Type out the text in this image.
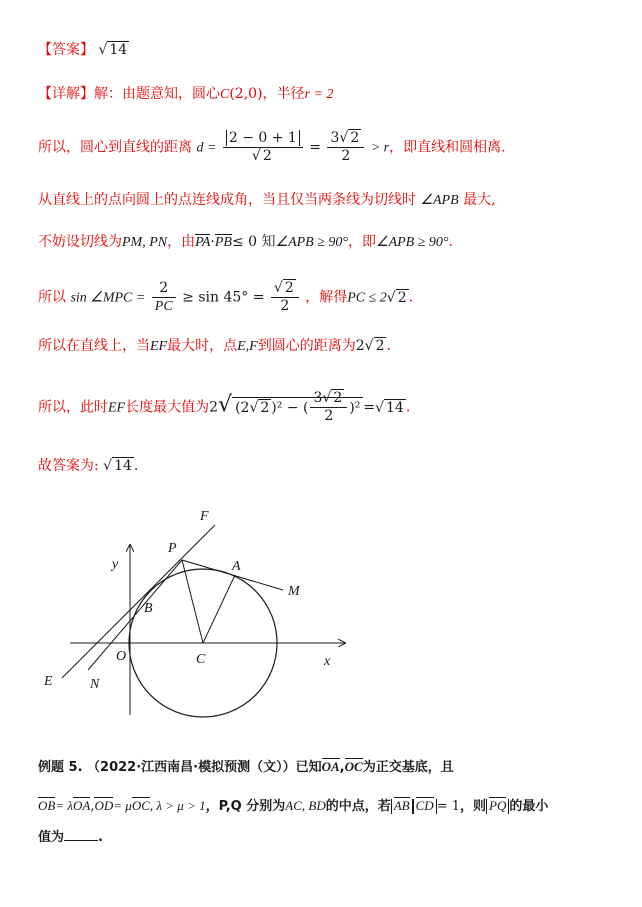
【答案】 √ 14
【详解】解：由题意知，圆心C(2,0)，半径r = 2
所以，圆心到直线的距离 $d = \frac{2 - 0 + 1}{√ 2} = \frac{3√ 2}{2} > r$，即直线和圆相离.
从直线上的点向圆上的点连线成角，当且仅当两条线为切线时 ∠APB 最大,
不妨设切线为PM, PN，由PA·PB≤ 0 知∠APB ≥ 90°，即∠APB ≥ 90°.
所以 sin ∠MPC = $\frac{2}{PC} \ge \sin 45^\circ = \frac{√ 2}{2}$ ，解得PC ≤ 2√ 2 .
所以在直线上，当EF最大时，点E,F到圆心的距离为2√ 2 .
所以，此时EF长度最大值为2√ (2√ 2 )² − ( $\frac{3√ 2}{2} )^2$ =√ 14 .
故答案为: √ 14 .
F
P
A
y
M
B
O	C	x
E	N
例题 5. （2022·江西南昌·模拟预测（文））已知OA,OC为正交基底，且
OB= λOA,OD= μOC, λ > μ > 1，P,Q 分别为AC, BD的中点，若 AB CD = 1，则 PQ 的最小
值为	.
